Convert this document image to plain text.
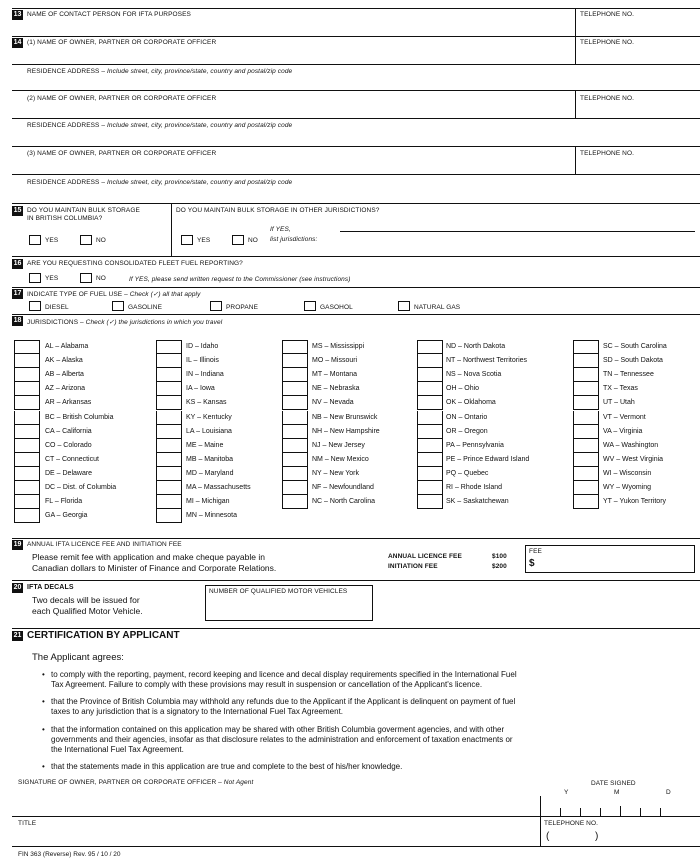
13 NAME OF CONTACT PERSON FOR IFTA PURPOSES	TELEPHONE NO.
14 (1) NAME OF OWNER, PARTNER OR CORPORATE OFFICER	TELEPHONE NO.
RESIDENCE ADDRESS – Include street, city, province/state, country and postal/zip code
(2) NAME OF OWNER, PARTNER OR CORPORATE OFFICER	TELEPHONE NO.
RESIDENCE ADDRESS – Include street, city, province/state, country and postal/zip code
(3) NAME OF OWNER, PARTNER OR CORPORATE OFFICER	TELEPHONE NO.
RESIDENCE ADDRESS – Include street, city, province/state, country and postal/zip code
15 DO YOU MAINTAIN BULK STORAGE
IN BRITISH COLUMBIA?
DO YOU MAINTAIN BULK STORAGE IN OTHER JURISDICTIONS?
YES	NO	YES	NO
If YES,
list jurisdictions:
16 ARE YOU REQUESTING CONSOLIDATED FLEET FUEL REPORTING?
YES	NO	If YES, please send written request to the Commissioner (see instructions)
17 INDICATE TYPE OF FUEL USE – Check (✓) all that apply
DIESEL	GASOLINE	PROPANE	GASOHOL	NATURAL GAS
18 JURISDICTIONS – Check (✓) the jurisdictions in which you travel
AL – Alabama
AK – Alaska
AB – Alberta
AZ – Arizona
AR – Arkansas
BC – British Columbia
CA – California
CO – Colorado
CT – Connecticut
DE – Delaware
DC – Dist. of Columbia
FL – Florida
GA – Georgia
ID – Idaho
IL – Illinois
IN – Indiana
IA – Iowa
KS – Kansas
KY – Kentucky
LA – Louisiana
ME – Maine
MB – Manitoba
MD – Maryland
MA – Massachusetts
MI – Michigan
MN – Minnesota
MS – Mississippi
MO – Missouri
MT – Montana
NE – Nebraska
NV – Nevada
NB – New Brunswick
NH – New Hampshire
NJ – New Jersey
NM – New Mexico
NY – New York
NF – Newfoundland
NC – North Carolina
ND – North Dakota
NT – Northwest Territories
NS – Nova Scotia
OH – Ohio
OK – Oklahoma
ON – Ontario
OR – Oregon
PA – Pennsylvania
PE – Prince Edward Island
PQ – Quebec
RI – Rhode Island
SK – Saskatchewan
SC – South Carolina
SD – South Dakota
TN – Tennessee
TX – Texas
UT – Utah
VT – Vermont
VA – Virginia
WA – Washington
WV – West Virginia
WI – Wisconsin
WY – Wyoming
YT – Yukon Territory
19 ANNUAL IFTA LICENCE FEE AND INITIATION FEE
Please remit fee with application and make cheque payable in
Canadian dollars to Minister of Finance and Corporate Relations.
ANNUAL LICENCE FEE	$100
INITIATION FEE	$200
FEE
$
20 IFTA DECALS
Two decals will be issued for
each Qualified Motor Vehicle.
NUMBER OF QUALIFIED MOTOR VEHICLES
21 CERTIFICATION BY APPLICANT
The Applicant agrees:
• to comply with the reporting, payment, record keeping and licence and decal display requirements specified in the International Fuel
Tax Agreement. Failure to comply with these provisions may result in suspension or cancellation of the Applicant's licence.
• that the Province of British Columbia may withhold any refunds due to the Applicant if the Applicant is delinquent on payment of fuel
taxes to any jurisdiction that is a signatory to the International Fuel Tax Agreement.
• that the information contained on this application may be shared with other British Columbia goverment agencies, and with other
governments and their agencies, insofar as that disclosure relates to the administration and enforcement of taxation enactments or
the International Fuel Tax Agreement.
• that the statements made in this application are true and complete to the best of his/her knowledge.
SIGNATURE OF OWNER, PARTNER OR CORPORATE OFFICER – Not Agent	DATE SIGNED
Y	M	D
TITLE	TELEPHONE NO.
(	)
FIN 363 (Reverse) Rev. 95 / 10 / 20
